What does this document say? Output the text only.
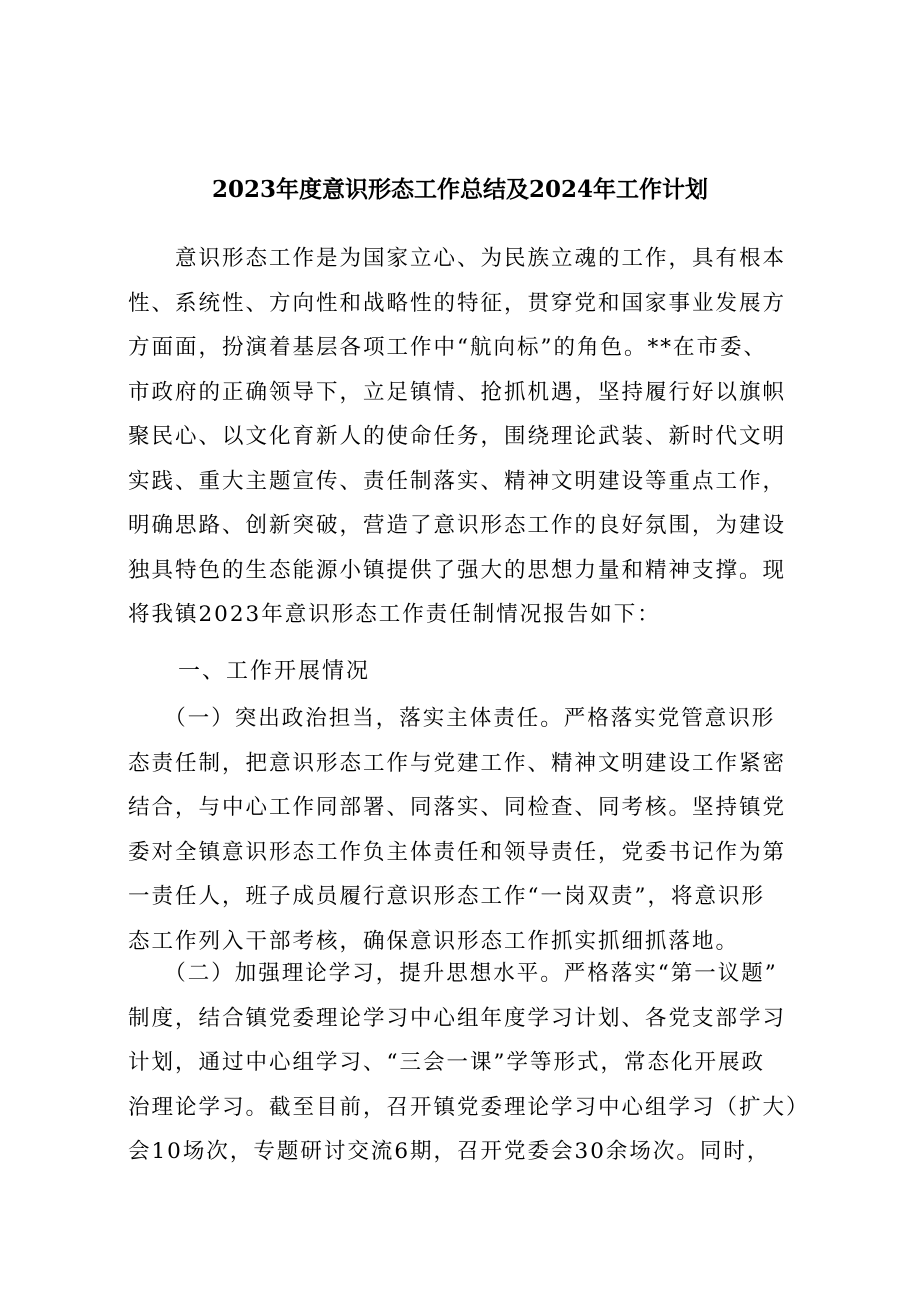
2023年度意识形态工作总结及2024年工作计划
　　意识形态工作是为国家立心、为民族立魂的工作，具有根本
性、系统性、方向性和战略性的特征，贯穿党和国家事业发展方
方面面，扮演着基层各项工作中“航向标”的角色。**在市委、
市政府的正确领导下，立足镇情、抢抓机遇，坚持履行好以旗帜
聚民心、以文化育新人的使命任务，围绕理论武装、新时代文明
实践、重大主题宣传、责任制落实、精神文明建设等重点工作，
明确思路、创新突破，营造了意识形态工作的良好氛围，为建设
独具特色的生态能源小镇提供了强大的思想力量和精神支撑。现
将我镇2023年意识形态工作责任制情况报告如下：
一、工作开展情况
　　（一）突出政治担当，落实主体责任。严格落实党管意识形
态责任制，把意识形态工作与党建工作、精神文明建设工作紧密
结合，与中心工作同部署、同落实、同检查、同考核。坚持镇党
委对全镇意识形态工作负主体责任和领导责任，党委书记作为第
一责任人，班子成员履行意识形态工作“一岗双责”，将意识形
态工作列入干部考核，确保意识形态工作抓实抓细抓落地。
　　（二）加强理论学习，提升思想水平。严格落实“第一议题”
制度，结合镇党委理论学习中心组年度学习计划、各党支部学习
计划，通过中心组学习、“三会一课”学等形式，常态化开展政
治理论学习。截至目前，召开镇党委理论学习中心组学习（扩大）
会10场次，专题研讨交流6期，召开党委会30余场次。同时，
